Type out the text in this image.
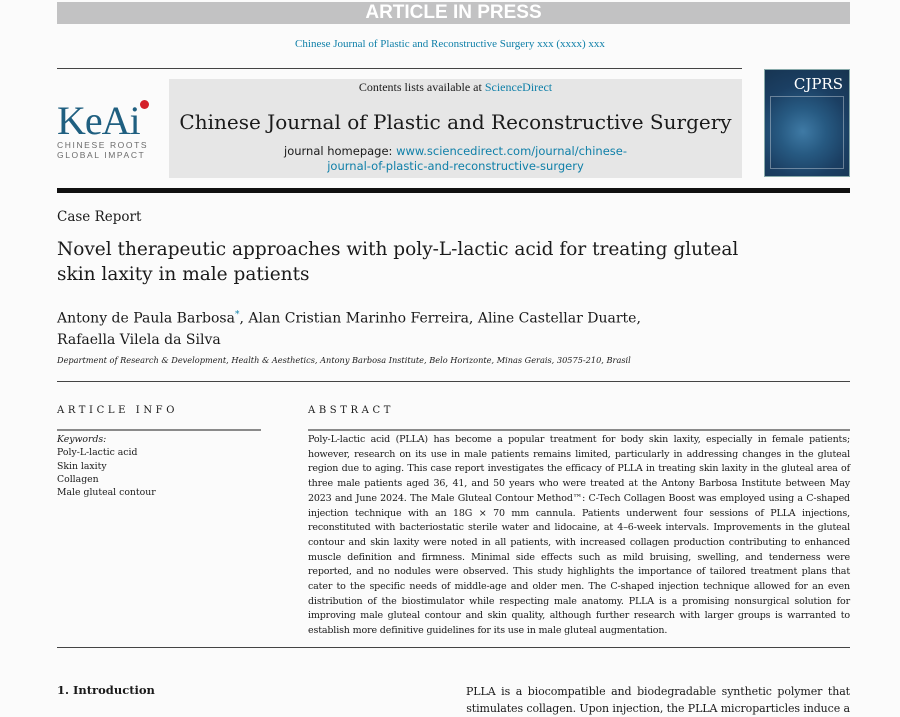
ARTICLE IN PRESS
Chinese Journal of Plastic and Reconstructive Surgery xxx (xxxx) xxx
KeAi
CHINESE ROOTS
GLOBAL IMPACT
Contents lists available at ScienceDirect
Chinese Journal of Plastic and Reconstructive Surgery
journal homepage: www.sciencedirect.com/journal/chinese-
journal-of-plastic-and-reconstructive-surgery
CJPRS
Case Report
Novel therapeutic approaches with poly-L-lactic acid for treating gluteal skin laxity in male patients
Antony de Paula Barbosa*, Alan Cristian Marinho Ferreira, Aline Castellar Duarte,
Rafaella Vilela da Silva
Department of Research & Development, Health & Aesthetics, Antony Barbosa Institute, Belo Horizonte, Minas Gerais, 30575-210, Brasil
ARTICLE INFO	ABSTRACT
Keywords:
Poly-L-lactic acid
Skin laxity
Collagen
Male gluteal contour
Poly-L-lactic acid (PLLA) has become a popular treatment for body skin laxity, especially in female patients; however, research on its use in male patients remains limited, particularly in addressing changes in the gluteal region due to aging. This case report investigates the efficacy of PLLA in treating skin laxity in the gluteal area of three male patients aged 36, 41, and 50 years who were treated at the Antony Barbosa Institute between May 2023 and June 2024. The Male Gluteal Contour Method™: C-Tech Collagen Boost was employed using a C-shaped injection technique with an 18G × 70 mm cannula. Patients underwent four sessions of PLLA injections, reconstituted with bacteriostatic sterile water and lidocaine, at 4–6-week intervals. Improvements in the gluteal contour and skin laxity were noted in all patients, with increased collagen production contributing to enhanced muscle definition and firmness. Minimal side effects such as mild bruising, swelling, and tenderness were reported, and no nodules were observed. This study highlights the importance of tailored treatment plans that cater to the specific needs of middle-age and older men. The C-shaped injection technique allowed for an even distribution of the biostimulator while respecting male anatomy. PLLA is a promising nonsurgical solution for improving male gluteal contour and skin quality, although further research with larger groups is warranted to establish more definitive guidelines for its use in male gluteal augmentation.
1. Introduction	PLLA is a biocompatible and biodegradable synthetic polymer that stimulates collagen. Upon injection, the PLLA microparticles induce a
